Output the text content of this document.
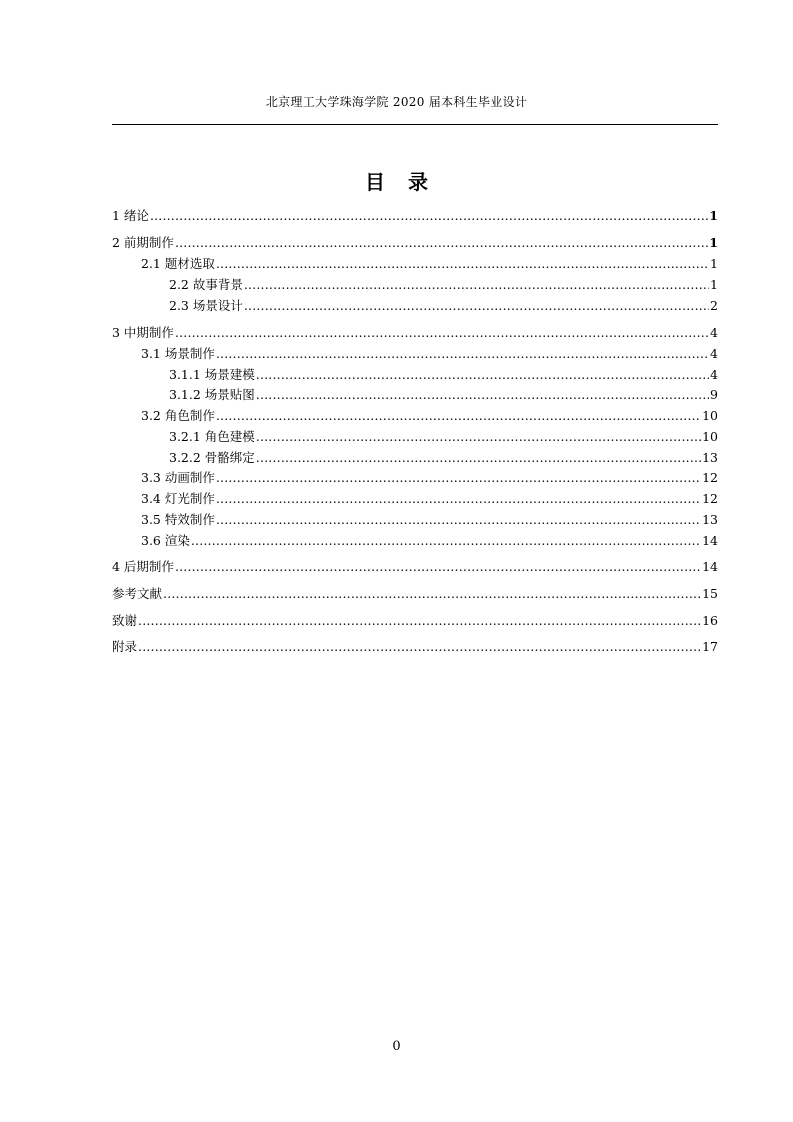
北京理工大学珠海学院 2020 届本科生毕业设计
目 录
1 绪论 .....	1
2 前期制作 .....	1
2.1 题材选取 .....	1
2.2 故事背景 .....	1
2.3 场景设计 .....	2
3 中期制作 .....	4
3.1 场景制作 .....	4
3.1.1 场景建模 .....	4
3.1.2 场景贴图 .....	9
3.2 角色制作 .....	10
3.2.1 角色建模 .....	10
3.2.2 骨骼绑定 .....	13
3.3 动画制作 .....	12
3.4 灯光制作 .....	12
3.5 特效制作 .....	13
3.6 渲染 .....	14
4 后期制作 .....	14
参考文献 .....	15
致谢 .....	16
附录 .....	17
0
